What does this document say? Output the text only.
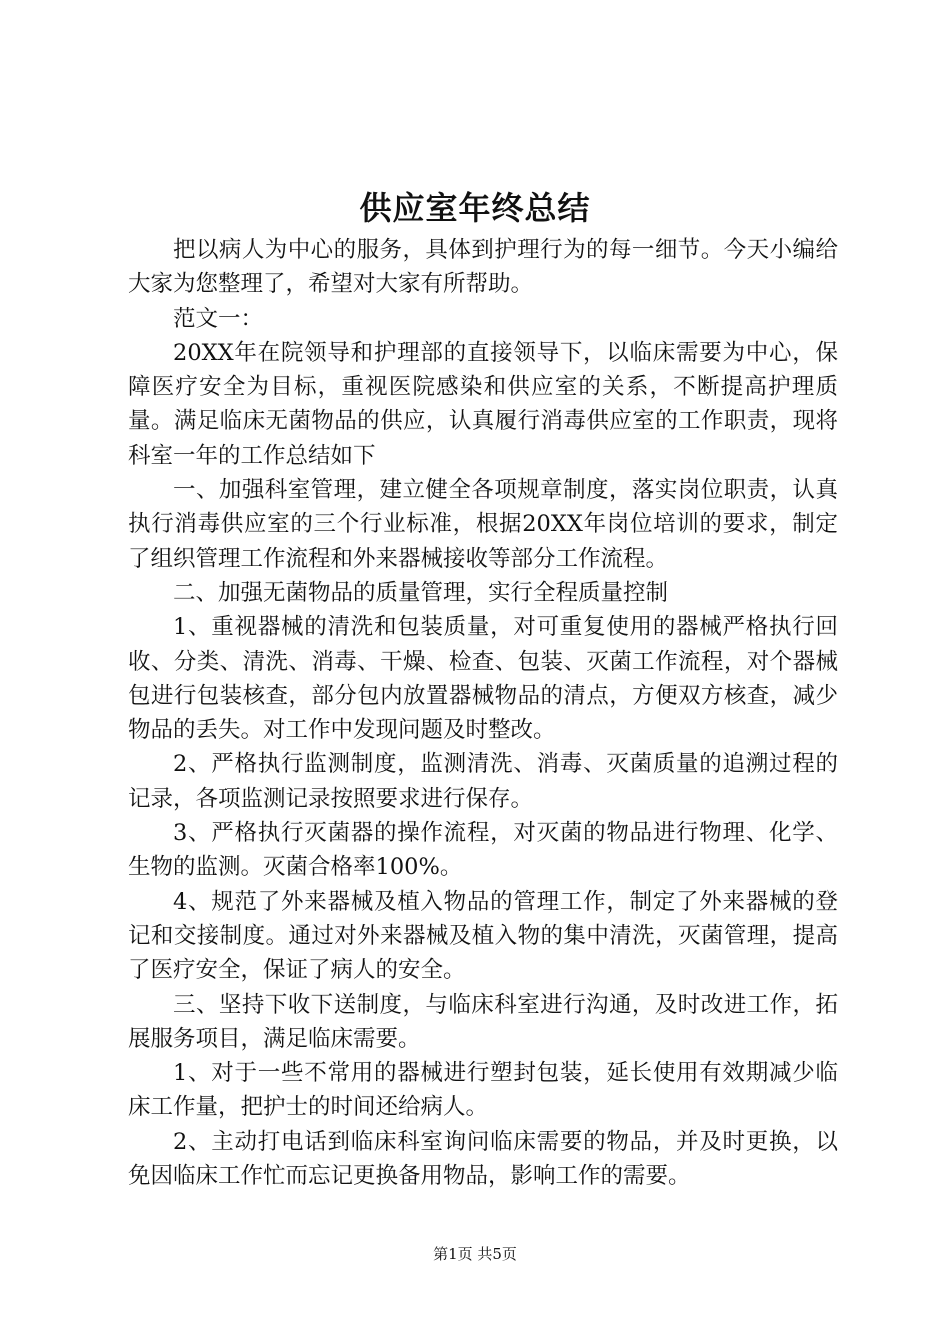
供应室年终总结

把以病人为中心的服务，具体到护理行为的每一细节。今天小编给大家为您整理了，希望对大家有所帮助。

范文一：

20XX年在院领导和护理部的直接领导下，以临床需要为中心，保障医疗安全为目标，重视医院感染和供应室的关系，不断提高护理质量。满足临床无菌物品的供应，认真履行消毒供应室的工作职责，现将科室一年的工作总结如下

一、加强科室管理，建立健全各项规章制度，落实岗位职责，认真执行消毒供应室的三个行业标准，根据20XX年岗位培训的要求，制定了组织管理工作流程和外来器械接收等部分工作流程。

二、加强无菌物品的质量管理，实行全程质量控制

1、重视器械的清洗和包装质量，对可重复使用的器械严格执行回收、分类、清洗、消毒、干燥、检查、包装、灭菌工作流程，对个器械包进行包装核查，部分包内放置器械物品的清点，方便双方核查，减少物品的丢失。对工作中发现问题及时整改。

2、严格执行监测制度，监测清洗、消毒、灭菌质量的追溯过程的记录，各项监测记录按照要求进行保存。

3、严格执行灭菌器的操作流程，对灭菌的物品进行物理、化学、生物的监测。灭菌合格率100%。

4、规范了外来器械及植入物品的管理工作，制定了外来器械的登记和交接制度。通过对外来器械及植入物的集中清洗，灭菌管理，提高了医疗安全，保证了病人的安全。

三、坚持下收下送制度，与临床科室进行沟通，及时改进工作，拓展服务项目，满足临床需要。

1、对于一些不常用的器械进行塑封包装，延长使用有效期减少临床工作量，把护士的时间还给病人。

2、主动打电话到临床科室询问临床需要的物品，并及时更换，以免因临床工作忙而忘记更换备用物品，影响工作的需要。

第1页 共5页
